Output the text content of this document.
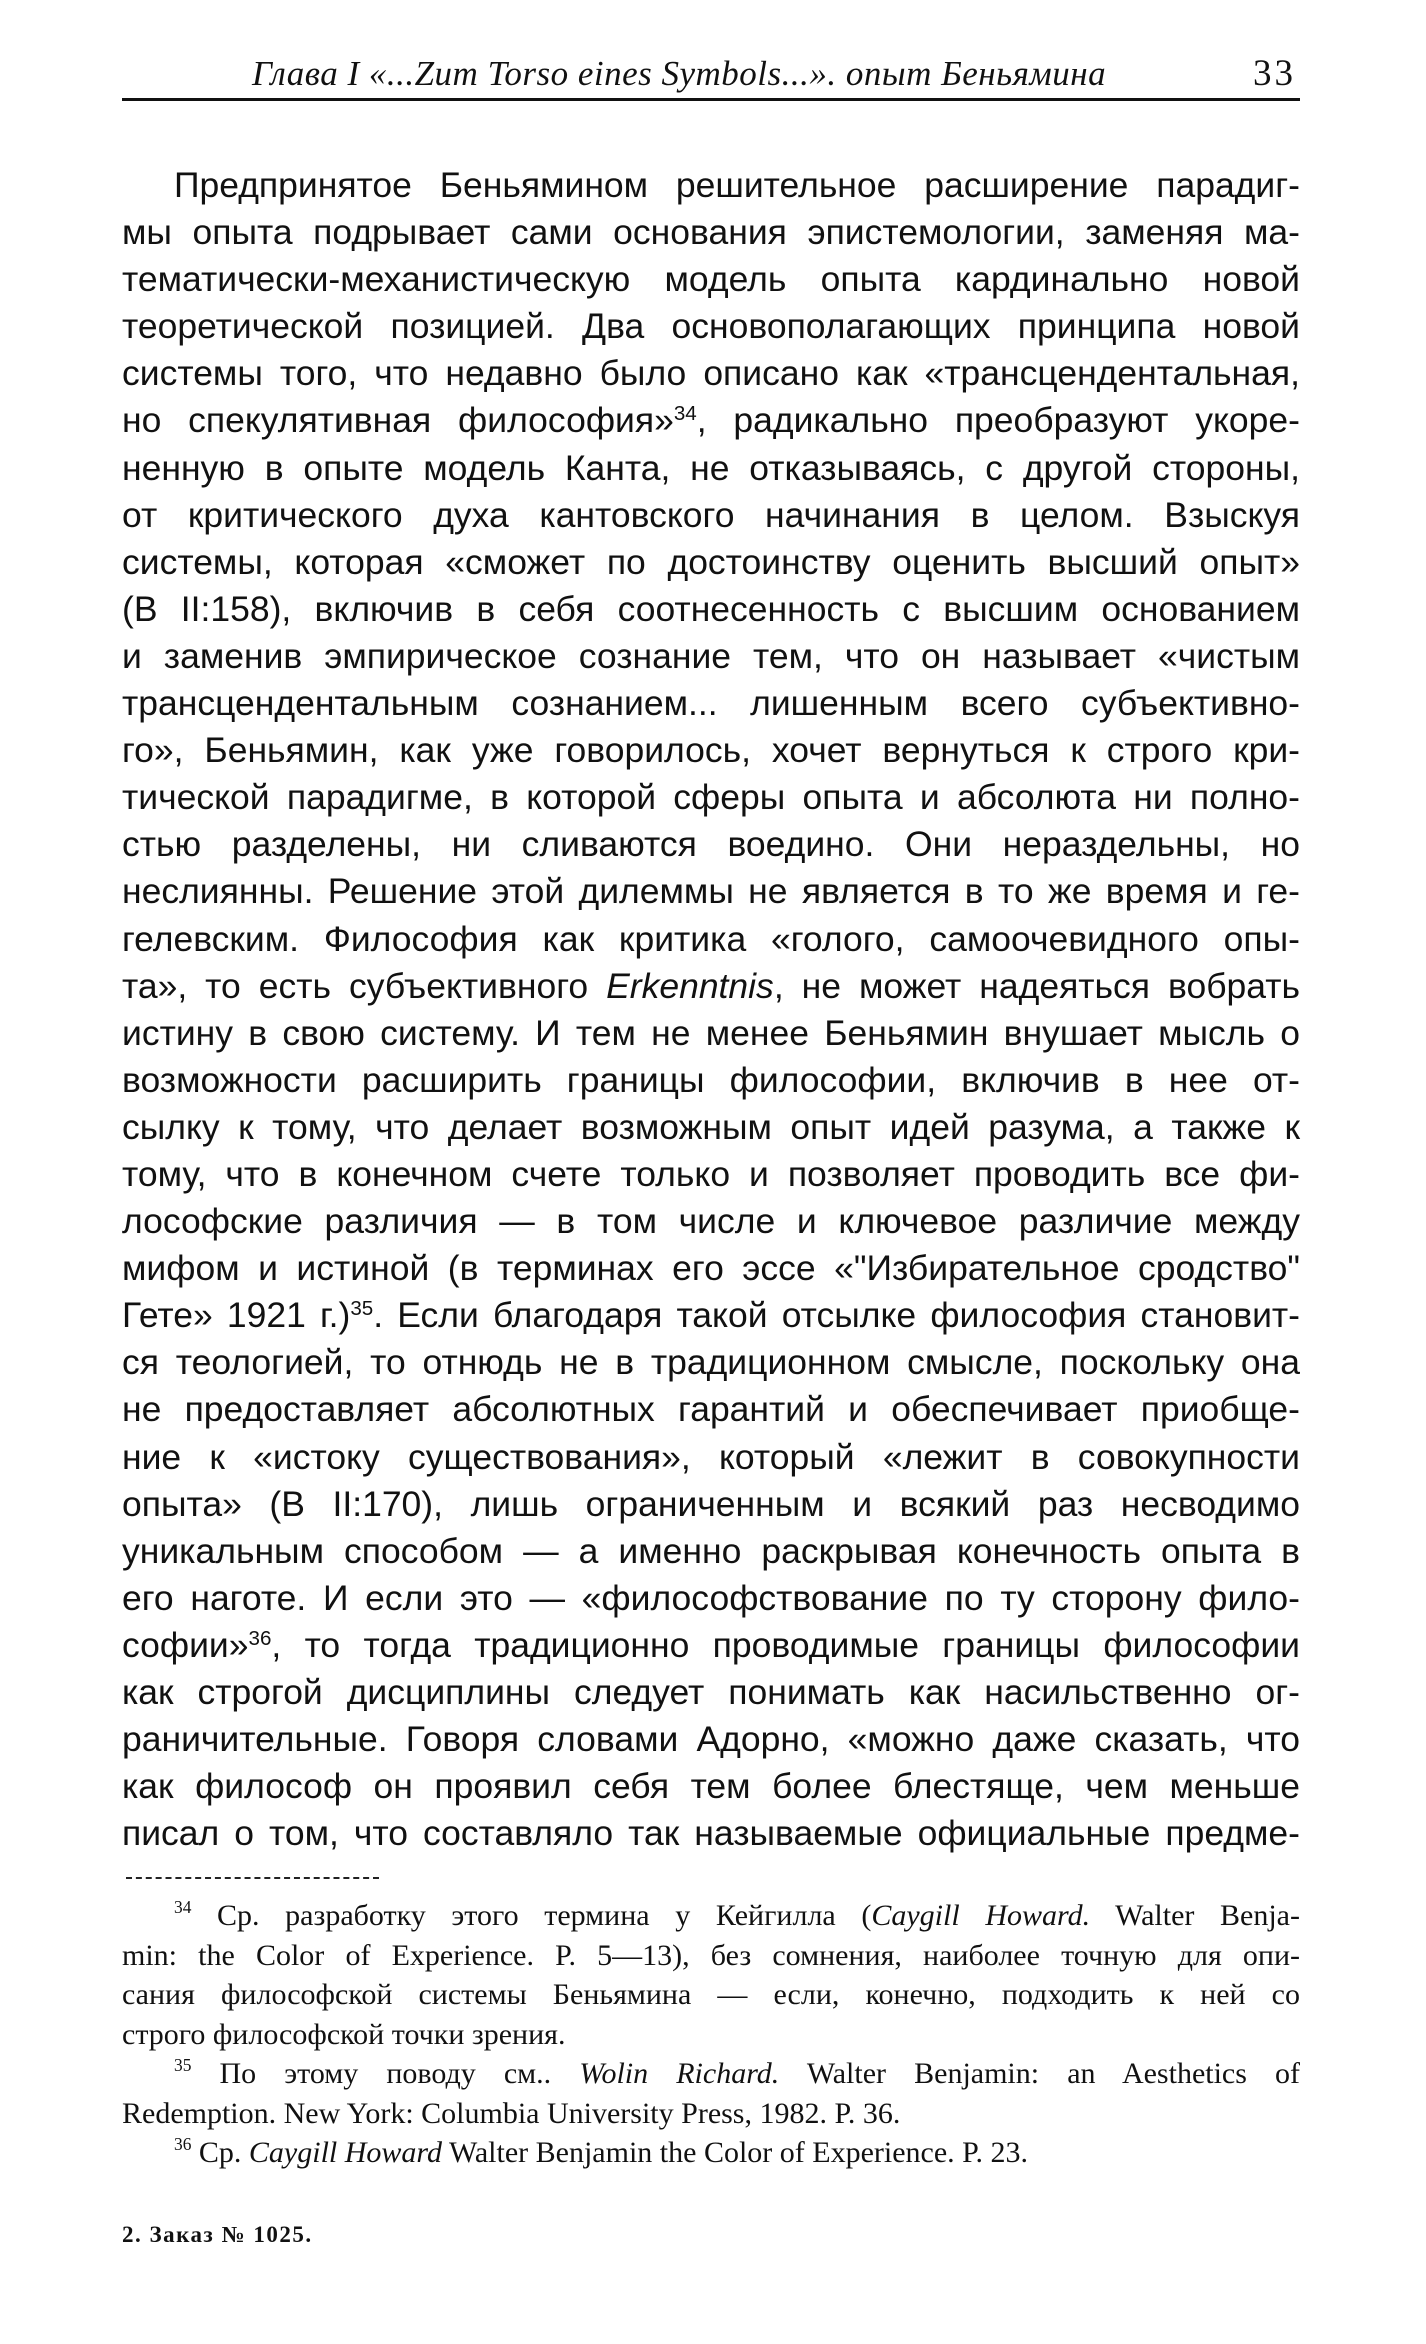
Глава I «...Zum Torso eines Symbols...». опыт Беньямина	33
Предпринятое Беньямином решительное расширение парадиг-
мы опыта подрывает сами основания эпистемологии, заменяя ма-
тематически-механистическую модель опыта кардинально новой
теоретической позицией. Два основополагающих принципа новой
системы того, что недавно было описано как «трансцендентальная,
но спекулятивная философия»$^{34}$, радикально преобразуют укоре-
ненную в опыте модель Канта, не отказываясь, с другой стороны,
от критического духа кантовского начинания в целом. Взыскуя
системы, которая «сможет по достоинству оценить высший опыт»
(B II:158), включив в себя соотнесенность с высшим основанием
и заменив эмпирическое сознание тем, что он называет «чистым
трансцендентальным сознанием... лишенным всего субъективно-
го», Беньямин, как уже говорилось, хочет вернуться к строго кри-
тической парадигме, в которой сферы опыта и абсолюта ни полно-
стью разделены, ни сливаются воедино. Они нераздельны, но
неслиянны. Решение этой дилеммы не является в то же время и ге-
гелевским. Философия как критика «голого, самоочевидного опы-
та», то есть субъективного Erkenntnis, не может надеяться вобрать
истину в свою систему. И тем не менее Беньямин внушает мысль о
возможности расширить границы философии, включив в нее от-
сылку к тому, что делает возможным опыт идей разума, а также к
тому, что в конечном счете только и позволяет проводить все фи-
лософские различия — в том числе и ключевое различие между
мифом и истиной (в терминах его эссе «"Избирательное сродство"
Гете» 1921 г.)$^{35}$. Если благодаря такой отсылке философия становит-
ся теологией, то отнюдь не в традиционном смысле, поскольку она
не предоставляет абсолютных гарантий и обеспечивает приобще-
ние к «истоку существования», который «лежит в совокупности
опыта» (B II:170), лишь ограниченным и всякий раз несводимо
уникальным способом — а именно раскрывая конечность опыта в
его наготе. И если это — «философствование по ту сторону фило-
софии»$^{36}$, то тогда традиционно проводимые границы философии
как строгой дисциплины следует понимать как насильственно ог-
раничительные. Говоря словами Адорно, «можно даже сказать, что
как философ он проявил себя тем более блестяще, чем меньше
писал о том, что составляло так называемые официальные предме-
$^{34}$ Ср. разработку этого термина у Кейгилла (Caygill Howard. Walter Benja-
min: the Color of Experience. P. 5—13), без сомнения, наиболее точную для опи-
сания философской системы Беньямина — если, конечно, подходить к ней со
строго философской точки зрения.
$^{35}$ По этому поводу см.. Wolin Richard. Walter Benjamin: an Aesthetics of
Redemption. New York: Columbia University Press, 1982. P. 36.
$^{36}$ Ср. Caygill Howard Walter Benjamin the Color of Experience. P. 23.
2. Заказ № 1025.
